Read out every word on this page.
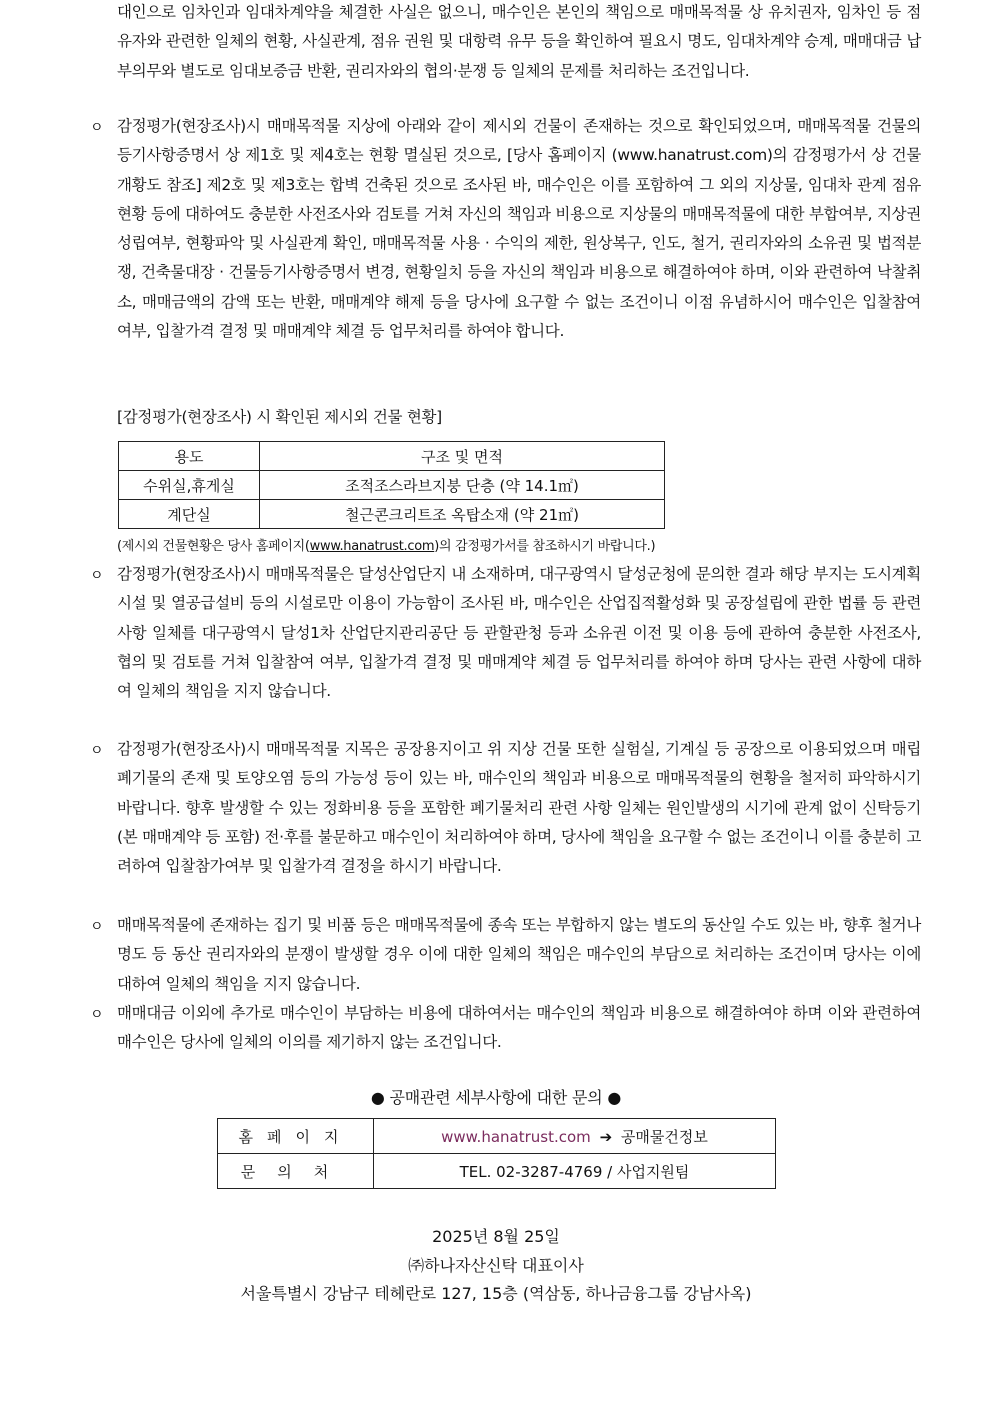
대인으로 임차인과 임대차계약을 체결한 사실은 없으니, 매수인은 본인의 책임으로 매매목적물 상 유치권자, 임차인 등 점유자와 관련한 일체의 현황, 사실관계, 점유 권원 및 대항력 유무 등을 확인하여 필요시 명도, 임대차계약 승계, 매매대금 납부의무와 별도로 임대보증금 반환, 권리자와의 협의·분쟁 등 일체의 문제를 처리하는 조건입니다.

ㅇ 감정평가(현장조사)시 매매목적물 지상에 아래와 같이 제시외 건물이 존재하는 것으로 확인되었으며, 매매목적물 건물의 등기사항증명서 상 제1호 및 제4호는 현황 멸실된 것으로, [당사 홈페이지 (www.hanatrust.com)의 감정평가서 상 건물개황도 참조] 제2호 및 제3호는 합벽 건축된 것으로 조사된 바, 매수인은 이를 포함하여 그 외의 지상물, 임대차 관계 점유현황 등에 대하여도 충분한 사전조사와 검토를 거쳐 자신의 책임과 비용으로 지상물의 매매목적물에 대한 부합여부, 지상권 성립여부, 현황파악 및 사실관계 확인, 매매목적물 사용 · 수익의 제한, 원상복구, 인도, 철거, 권리자와의 소유권 및 법적분쟁, 건축물대장 · 건물등기사항증명서 변경, 현황일치 등을 자신의 책임과 비용으로 해결하여야 하며, 이와 관련하여 낙찰취소, 매매금액의 감액 또는 반환, 매매계약 해제 등을 당사에 요구할 수 없는 조건이니 이점 유념하시어 매수인은 입찰참여 여부, 입찰가격 결정 및 매매계약 체결 등 업무처리를 하여야 합니다.

[감정평가(현장조사) 시 확인된 제시외 건물 현황]
용도	구조 및 면적
수위실,휴게실	조적조스라브지붕 단층 (약 14.1㎡)
계단실	철근콘크리트조 옥탑소재 (약 21㎡)
(제시외 건물현황은 당사 홈페이지(www.hanatrust.com)의 감정평가서를 참조하시기 바랍니다.)
ㅇ 감정평가(현장조사)시 매매목적물은 달성산업단지 내 소재하며, 대구광역시 달성군청에 문의한 결과 해당 부지는 도시계획시설 및 열공급설비 등의 시설로만 이용이 가능함이 조사된 바, 매수인은 산업집적활성화 및 공장설립에 관한 법률 등 관련 사항 일체를 대구광역시 달성1차 산업단지관리공단 등 관할관청 등과 소유권 이전 및 이용 등에 관하여 충분한 사전조사, 협의 및 검토를 거쳐 입찰참여 여부, 입찰가격 결정 및 매매계약 체결 등 업무처리를 하여야 하며 당사는 관련 사항에 대하여 일체의 책임을 지지 않습니다.

ㅇ 감정평가(현장조사)시 매매목적물 지목은 공장용지이고 위 지상 건물 또한 실험실, 기계실 등 공장으로 이용되었으며 매립폐기물의 존재 및 토양오염 등의 가능성 등이 있는 바, 매수인의 책임과 비용으로 매매목적물의 현황을 철저히 파악하시기 바랍니다. 향후 발생할 수 있는 정화비용 등을 포함한 폐기물처리 관련 사항 일체는 원인발생의 시기에 관계 없이 신탁등기(본 매매계약 등 포함) 전·후를 불문하고 매수인이 처리하여야 하며, 당사에 책임을 요구할 수 없는 조건이니 이를 충분히 고려하여 입찰참가여부 및 입찰가격 결정을 하시기 바랍니다.

ㅇ 매매목적물에 존재하는 집기 및 비품 등은 매매목적물에 종속 또는 부합하지 않는 별도의 동산일 수도 있는 바, 향후 철거나 명도 등 동산 권리자와의 분쟁이 발생할 경우 이에 대한 일체의 책임은 매수인의 부담으로 처리하는 조건이며 당사는 이에 대하여 일체의 책임을 지지 않습니다.

ㅇ 매매대금 이외에 추가로 매수인이 부담하는 비용에 대하여서는 매수인의 책임과 비용으로 해결하여야 하며 이와 관련하여 매수인은 당사에 일체의 이의를 제기하지 않는 조건입니다.

● 공매관련 세부사항에 대한 문의 ●
홈페이지	www.hanatrust.com ➔ 공매물건정보
문의처	TEL. 02-3287-4769 / 사업지원팀
2025년 8월 25일
㈜하나자산신탁 대표이사
서울특별시 강남구 테헤란로 127, 15층 (역삼동, 하나금융그룹 강남사옥)
